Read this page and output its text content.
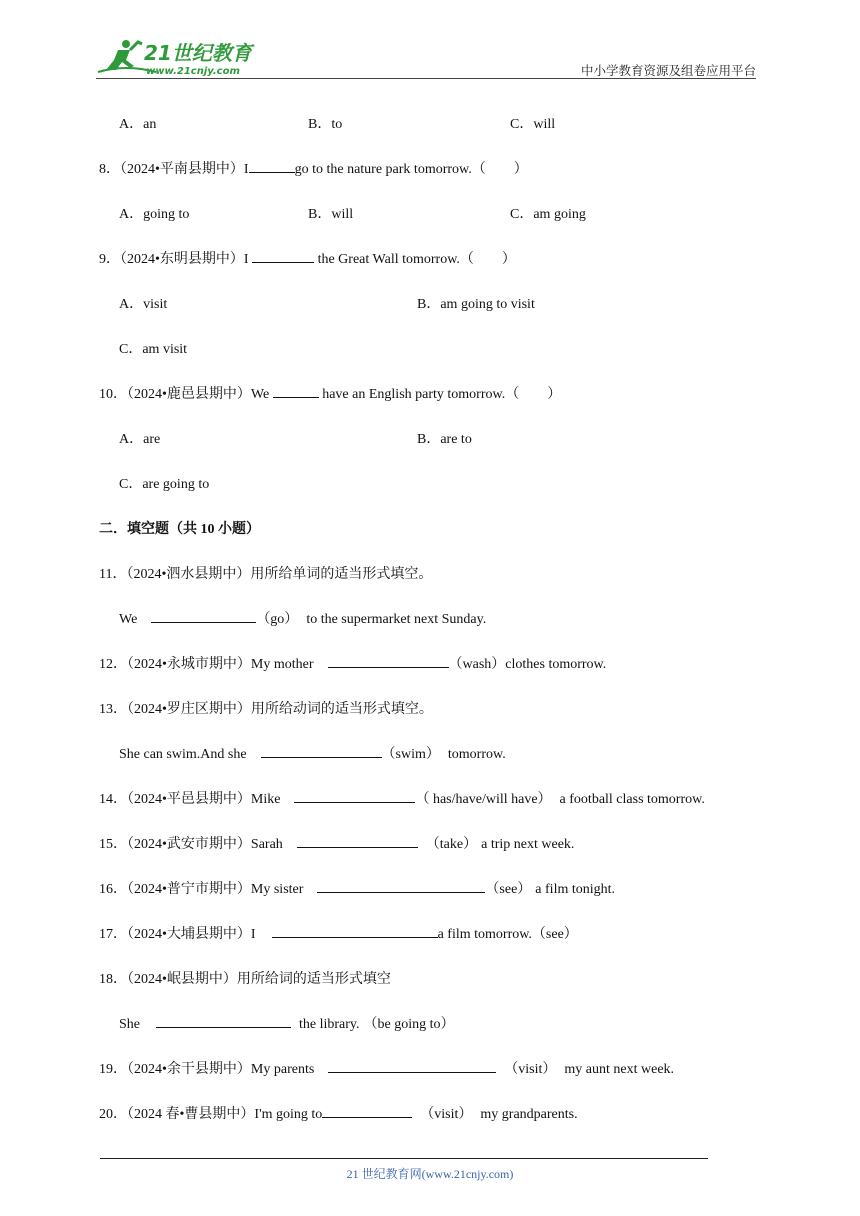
21世纪教育
www.21cnjy.com	中小学教育资源及组卷应用平台
A．an	B．to	C．will
8．（2024•平南县期中）I	go to the nature park tomorrow.（　　）
A．going to	B．will	C．am going
9．（2024•东明县期中）I	the Great Wall tomorrow.（　　）
A．visit	B．am going to visit
C．am visit
10．（2024•鹿邑县期中）We	have an English party tomorrow.（　　）
A．are	B．are to
C．are going to
二．填空题（共 10 小题）
11．（2024•泗水县期中）用所给单词的适当形式填空。
We	（go） to the supermarket next Sunday.
12．（2024•永城市期中）My mother	（wash）clothes tomorrow.
13．（2024•罗庄区期中）用所给动词的适当形式填空。
She can swim.And she	（swim） tomorrow.
14．（2024•平邑县期中）Mike	（ has/have/will have） a football class tomorrow.
15．（2024•武安市期中）Sarah	（take） a trip next week.
16．（2024•普宁市期中）My sister	（see） a film tonight.
17．（2024•大埔县期中）I	a film tomorrow.（see）
18．（2024•岷县期中）用所给词的适当形式填空
She	the library. （be going to）
19．（2024•余干县期中）My parents	（visit） my aunt next week.
20．（2024 春•曹县期中）I'm going to	（visit） my grandparents.
21 世纪教育网(www.21cnjy.com)
